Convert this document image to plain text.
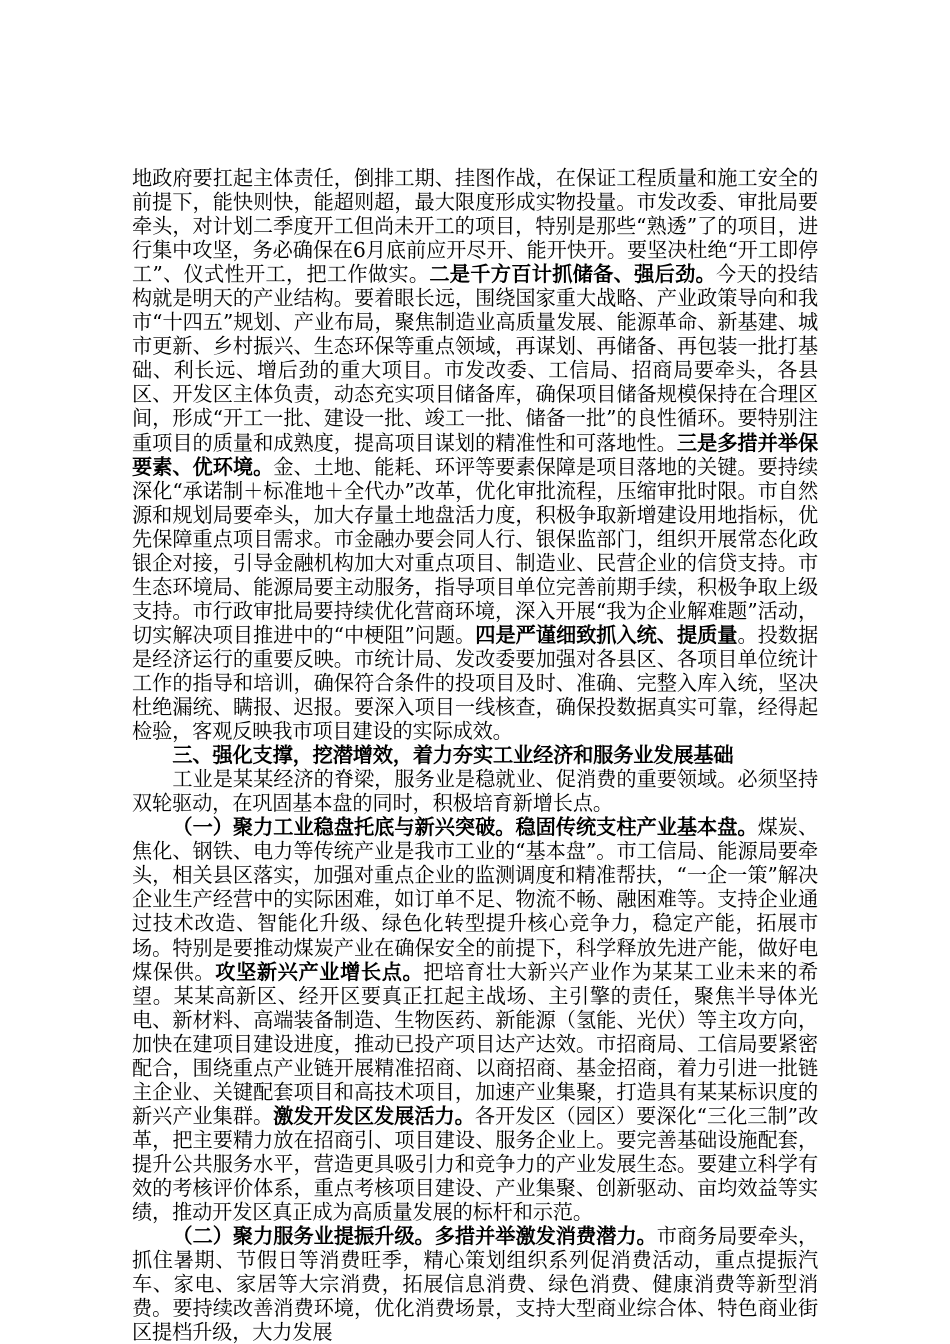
地政府要扛起主体责任，倒排工期、挂图作战，在保证工程质量和施工安全的前提下，能快则快，能超则超，最大限度形成实物投量。市发改委、审批局要牵头，对计划二季度开工但尚未开工的项目，特别是那些“熟透”了的项目，进行集中攻坚，务必确保在6月底前应开尽开、能开快开。要坚决杜绝“开工即停工”、仪式性开工，把工作做实。二是千方百计抓储备、强后劲。今天的投结构就是明天的产业结构。要着眼长远，围绕国家重大战略、产业政策导向和我市“十四五”规划、产业布局，聚焦制造业高质量发展、能源革命、新基建、城市更新、乡村振兴、生态环保等重点领域，再谋划、再储备、再包装一批打基础、利长远、增后劲的重大项目。市发改委、工信局、招商局要牵头，各县区、开发区主体负责，动态充实项目储备库，确保项目储备规模保持在合理区间，形成“开工一批、建设一批、竣工一批、储备一批”的良性循环。要特别注重项目的质量和成熟度，提高项目谋划的精准性和可落地性。三是多措并举保要素、优环境。金、土地、能耗、环评等要素保障是项目落地的关键。要持续深化“承诺制＋标准地＋全代办”改革，优化审批流程，压缩审批时限。市自然源和规划局要牵头，加大存量土地盘活力度，积极争取新增建设用地指标，优先保障重点项目需求。市金融办要会同人行、银保监部门，组织开展常态化政银企对接，引导金融机构加大对重点项目、制造业、民营企业的信贷支持。市生态环境局、能源局要主动服务，指导项目单位完善前期手续，积极争取上级支持。市行政审批局要持续优化营商环境，深入开展“我为企业解难题”活动，切实解决项目推进中的“中梗阻”问题。四是严谨细致抓入统、提质量。投数据是经济运行的重要反映。市统计局、发改委要加强对各县区、各项目单位统计工作的指导和培训，确保符合条件的投项目及时、准确、完整入库入统，坚决杜绝漏统、瞒报、迟报。要深入项目一线核查，确保投数据真实可靠，经得起检验，客观反映我市项目建设的实际成效。

三、强化支撑，挖潜增效，着力夯实工业经济和服务业发展基础

工业是某某经济的脊梁，服务业是稳就业、促消费的重要领域。必须坚持双轮驱动，在巩固基本盘的同时，积极培育新增长点。

（一）聚力工业稳盘托底与新兴突破。稳固传统支柱产业基本盘。煤炭、焦化、钢铁、电力等传统产业是我市工业的“基本盘”。市工信局、能源局要牵头，相关县区落实，加强对重点企业的监测调度和精准帮扶，“一企一策”解决企业生产经营中的实际困难，如订单不足、物流不畅、融困难等。支持企业通过技术改造、智能化升级、绿色化转型提升核心竞争力，稳定产能，拓展市场。特别是要推动煤炭产业在确保安全的前提下，科学释放先进产能，做好电煤保供。攻坚新兴产业增长点。把培育壮大新兴产业作为某某工业未来的希望。某某高新区、经开区要真正扛起主战场、主引擎的责任，聚焦半导体光电、新材料、高端装备制造、生物医药、新能源（氢能、光伏）等主攻方向，加快在建项目建设进度，推动已投产项目达产达效。市招商局、工信局要紧密配合，围绕重点产业链开展精准招商、以商招商、基金招商，着力引进一批链主企业、关键配套项目和高技术项目，加速产业集聚，打造具有某某标识度的新兴产业集群。激发开发区发展活力。各开发区（园区）要深化“三化三制”改革，把主要精力放在招商引、项目建设、服务企业上。要完善基础设施配套，提升公共服务水平，营造更具吸引力和竞争力的产业发展生态。要建立科学有效的考核评价体系，重点考核项目建设、产业集聚、创新驱动、亩均效益等实绩，推动开发区真正成为高质量发展的标杆和示范。

（二）聚力服务业提振升级。多措并举激发消费潜力。市商务局要牵头，抓住暑期、节假日等消费旺季，精心策划组织系列促消费活动，重点提振汽车、家电、家居等大宗消费，拓展信息消费、绿色消费、健康消费等新型消费。要持续改善消费环境，优化消费场景，支持大型商业综合体、特色商业街区提档升级，大力发展
